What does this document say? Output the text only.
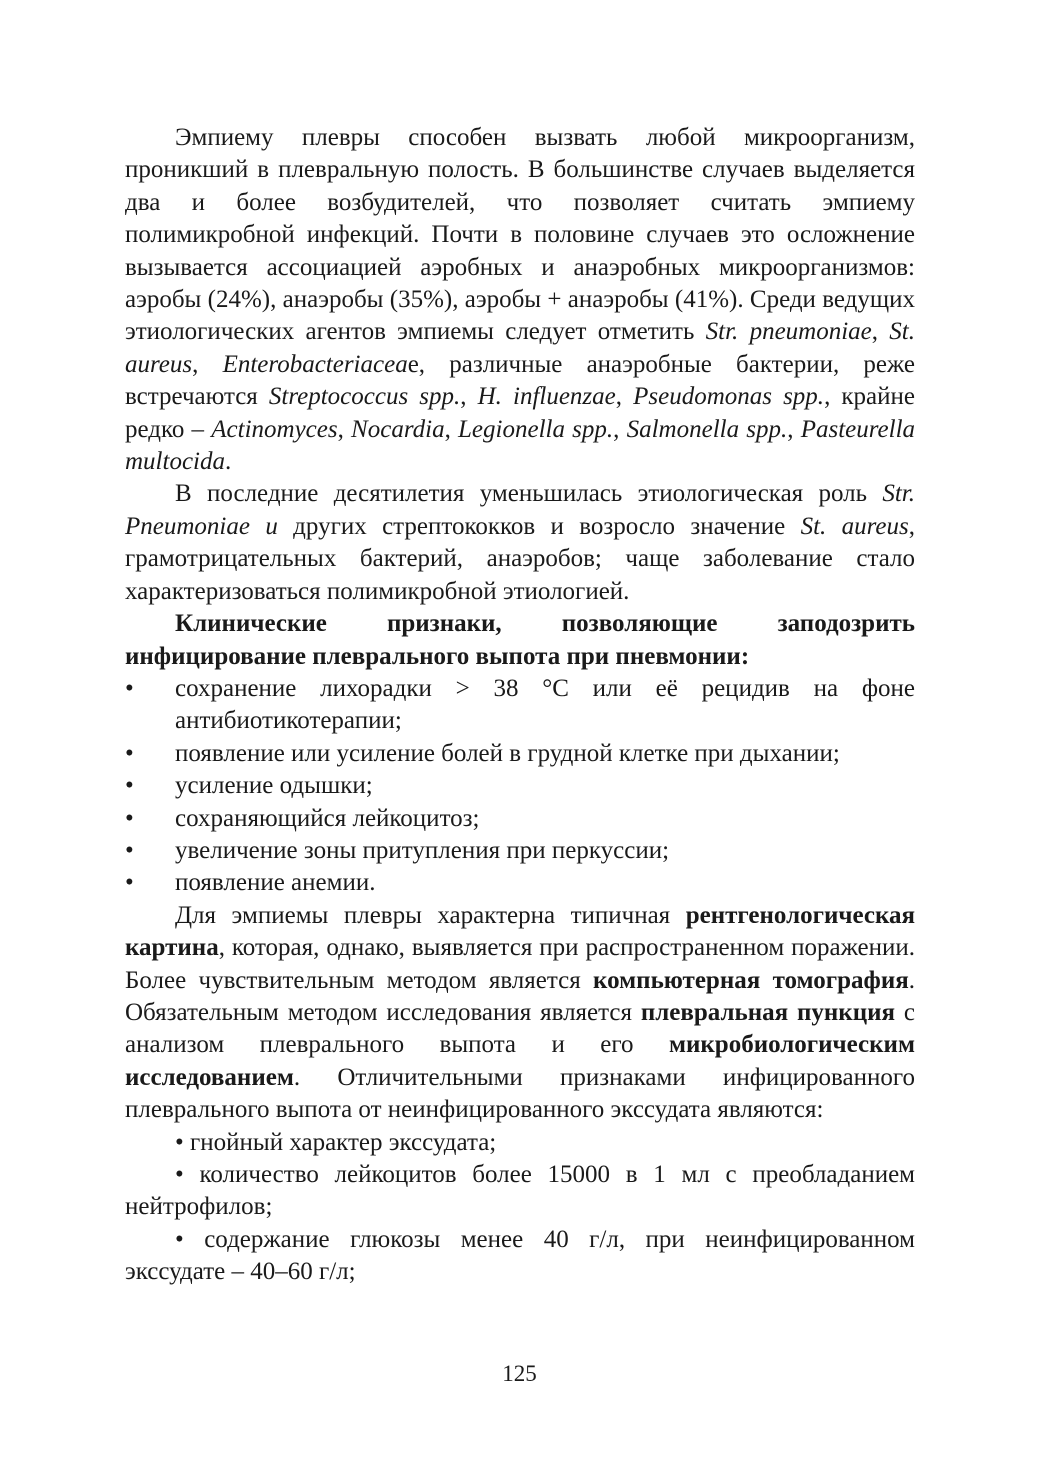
Эмпиему плевры способен вызвать любой микроорганизм, проникший в плевральную полость. В большинстве случаев выделяется два и более возбудителей, что позволяет считать эмпиему полимикробной инфекций. Почти в половине случаев это осложнение вызывается ассоциацией аэробных и анаэробных микроорганизмов: аэробы (24%), анаэробы (35%), аэробы + анаэробы (41%). Среди ведущих этиологических агентов эмпиемы следует отметить Str. pneumoniae, St. aureus, Enterobacteriaceaе, различные анаэробные бактерии, реже встречаются Streptococcus spp., H. influenzae, Pseudomonas spp., крайне редко – Actinomyces, Nocardia, Legionella spp., Salmonella spp., Pasteurella multocida.

В последние десятилетия уменьшилась этиологическая роль Str. Pneumoniae и других стрептококков и возросло значение St. aureus, грамотрицательных бактерий, анаэробов; чаще заболевание стало характеризоваться полимикробной этиологией.

Клинические признаки, позволяющие заподозрить инфицирование плеврального выпота при пневмонии:

• сохранение лихорадки > 38 °С или её рецидив на фоне антибиотикотерапии;
• появление или усиление болей в грудной клетке при дыхании;
• усиление одышки;
• сохраняющийся лейкоцитоз;
• увеличение зоны притупления при перкуссии;
• появление анемии.

Для эмпиемы плевры характерна типичная рентгенологическая картина, которая, однако, выявляется при распространенном поражении. Более чувствительным методом является компьютерная томография. Обязательным методом исследования является плевральная пункция с анализом плеврального выпота и его микробиологическим исследованием. Отличительными признаками инфицированного плеврального выпота от неинфицированного экссудата являются:

• гнойный характер экссудата;

• количество лейкоцитов более 15000 в 1 мл с преобладанием нейтрофилов;

• содержание глюкозы менее 40 г/л, при неинфицированном экссудате – 40–60 г/л;

125
